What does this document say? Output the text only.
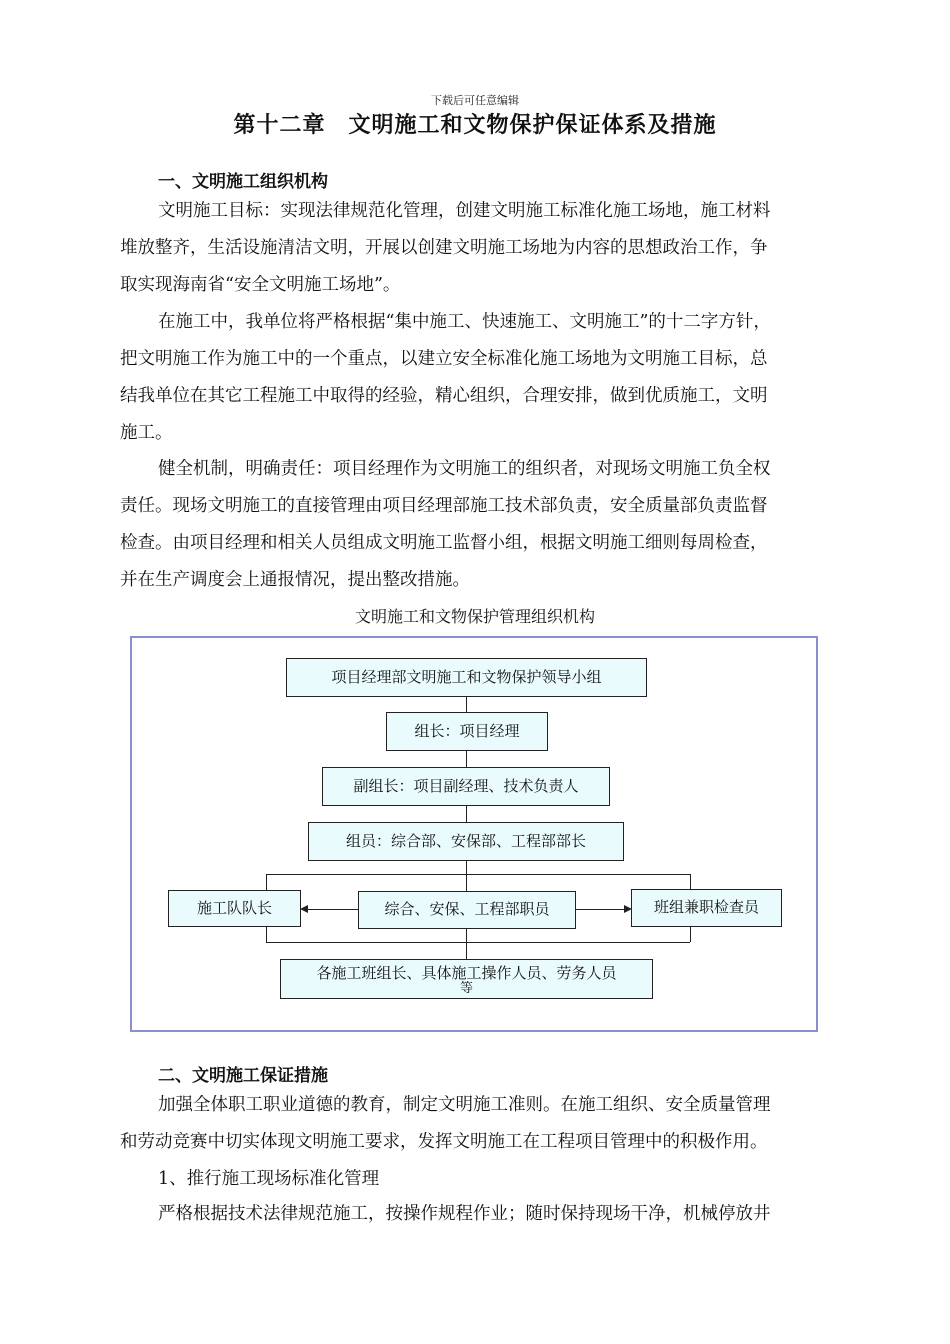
下载后可任意编辑
第十二章　文明施工和文物保护保证体系及措施
一、文明施工组织机构
文明施工目标：实现法律规范化管理，创建文明施工标准化施工场地，施工材料
堆放整齐，生活设施清洁文明，开展以创建文明施工场地为内容的思想政治工作，争
取实现海南省“安全文明施工场地”。
在施工中，我单位将严格根据“集中施工、快速施工、文明施工”的十二字方针，
把文明施工作为施工中的一个重点，以建立安全标准化施工场地为文明施工目标，总
结我单位在其它工程施工中取得的经验，精心组织，合理安排，做到优质施工，文明
施工。
健全机制，明确责任：项目经理作为文明施工的组织者，对现场文明施工负全权
责任。现场文明施工的直接管理由项目经理部施工技术部负责，安全质量部负责监督
检查。由项目经理和相关人员组成文明施工监督小组，根据文明施工细则每周检查，
并在生产调度会上通报情况，提出整改措施。
文明施工和文物保护管理组织机构
项目经理部文明施工和文物保护领导小组
组长：项目经理
副组长：项目副经理、技术负责人
组员：综合部、安保部、工程部部长
施工队队长	综合、安保、工程部职员	班组兼职检查员
各施工班组长、具体施工操作人员、劳务人员
等
二、文明施工保证措施
加强全体职工职业道德的教育，制定文明施工准则。在施工组织、安全质量管理
和劳动竞赛中切实体现文明施工要求，发挥文明施工在工程项目管理中的积极作用。
1、推行施工现场标准化管理
严格根据技术法律规范施工，按操作规程作业；随时保持现场干净，机械停放井
